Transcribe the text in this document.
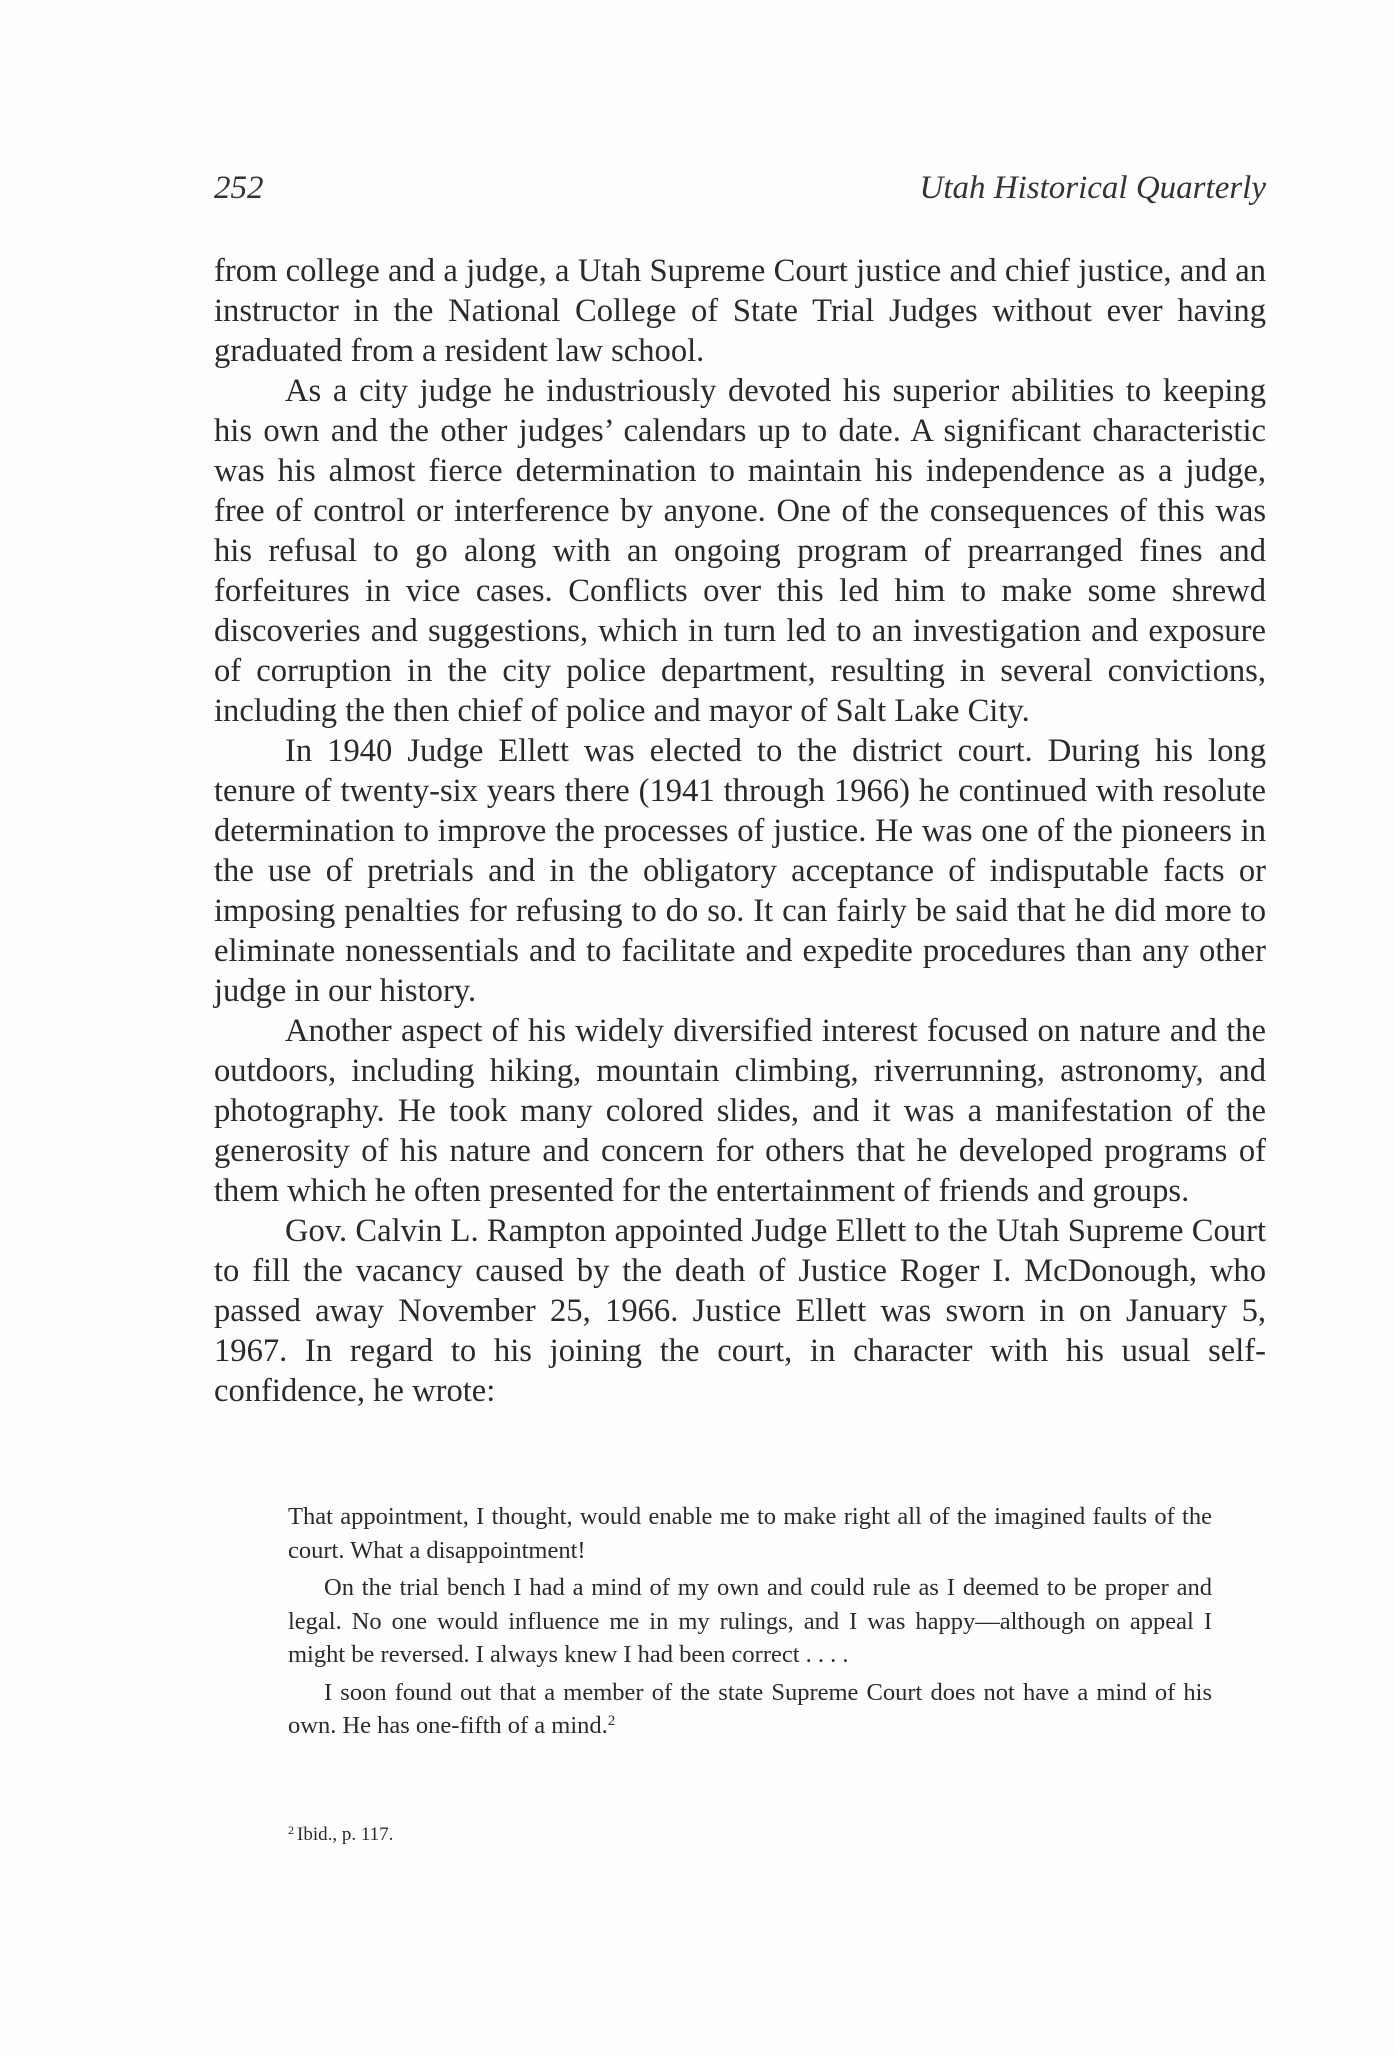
252	Utah Historical Quarterly

from college and a judge, a Utah Supreme Court justice and chief justice, and an instructor in the National College of State Trial Judges without ever having graduated from a resident law school.

As a city judge he industriously devoted his superior abilities to keeping his own and the other judges’ calendars up to date. A significant characteristic was his almost fierce determination to maintain his independence as a judge, free of control or interference by anyone. One of the consequences of this was his refusal to go along with an ongoing program of prearranged fines and forfeitures in vice cases. Conflicts over this led him to make some shrewd discoveries and suggestions, which in turn led to an investigation and exposure of corruption in the city police department, resulting in several convictions, including the then chief of police and mayor of Salt Lake City.

In 1940 Judge Ellett was elected to the district court. During his long tenure of twenty-six years there (1941 through 1966) he continued with resolute determination to improve the processes of justice. He was one of the pioneers in the use of pretrials and in the obligatory acceptance of indisputable facts or imposing penalties for refusing to do so. It can fairly be said that he did more to eliminate nonessentials and to facilitate and expedite procedures than any other judge in our history.

Another aspect of his widely diversified interest focused on nature and the outdoors, including hiking, mountain climbing, riverrunning, astronomy, and photography. He took many colored slides, and it was a manifestation of the generosity of his nature and concern for others that he developed programs of them which he often presented for the entertainment of friends and groups.

Gov. Calvin L. Rampton appointed Judge Ellett to the Utah Supreme Court to fill the vacancy caused by the death of Justice Roger I. McDonough, who passed away November 25, 1966. Justice Ellett was sworn in on January 5, 1967. In regard to his joining the court, in character with his usual self-confidence, he wrote:

That appointment, I thought, would enable me to make right all of the imagined faults of the court. What a disappointment!

On the trial bench I had a mind of my own and could rule as I deemed to be proper and legal. No one would influence me in my rulings, and I was happy—although on appeal I might be reversed. I always knew I had been correct . . . .

I soon found out that a member of the state Supreme Court does not have a mind of his own. He has one-fifth of a mind.$^2$

$^2$ Ibid., p. 117.
